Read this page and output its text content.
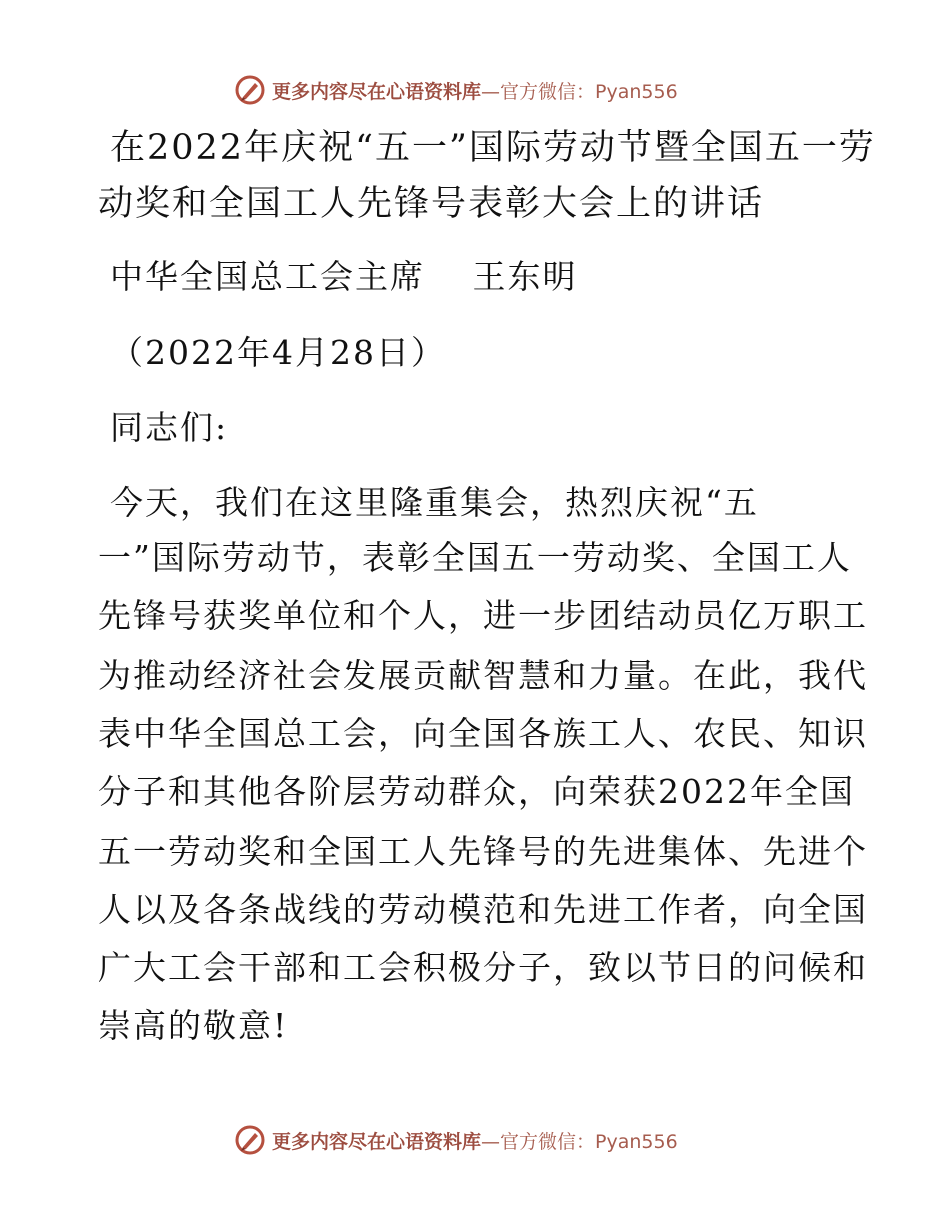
更多内容尽在心语资料库 —官方微信：Pyan556
在2022年庆祝“五一”国际劳动节暨全国五一劳
动奖和全国工人先锋号表彰大会上的讲话
中华全国总工会主席　 王东明
（2022年4月28日）
同志们:
今天，我们在这里隆重集会，热烈庆祝“五
一”国际劳动节，表彰全国五一劳动奖、全国工人
先锋号获奖单位和个人，进一步团结动员亿万职工
为推动经济社会发展贡献智慧和力量。在此，我代
表中华全国总工会，向全国各族工人、农民、知识
分子和其他各阶层劳动群众，向荣获2022年全国
五一劳动奖和全国工人先锋号的先进集体、先进个
人以及各条战线的劳动模范和先进工作者，向全国
广大工会干部和工会积极分子，致以节日的问候和
崇高的敬意!
更多内容尽在心语资料库 —官方微信：Pyan556
